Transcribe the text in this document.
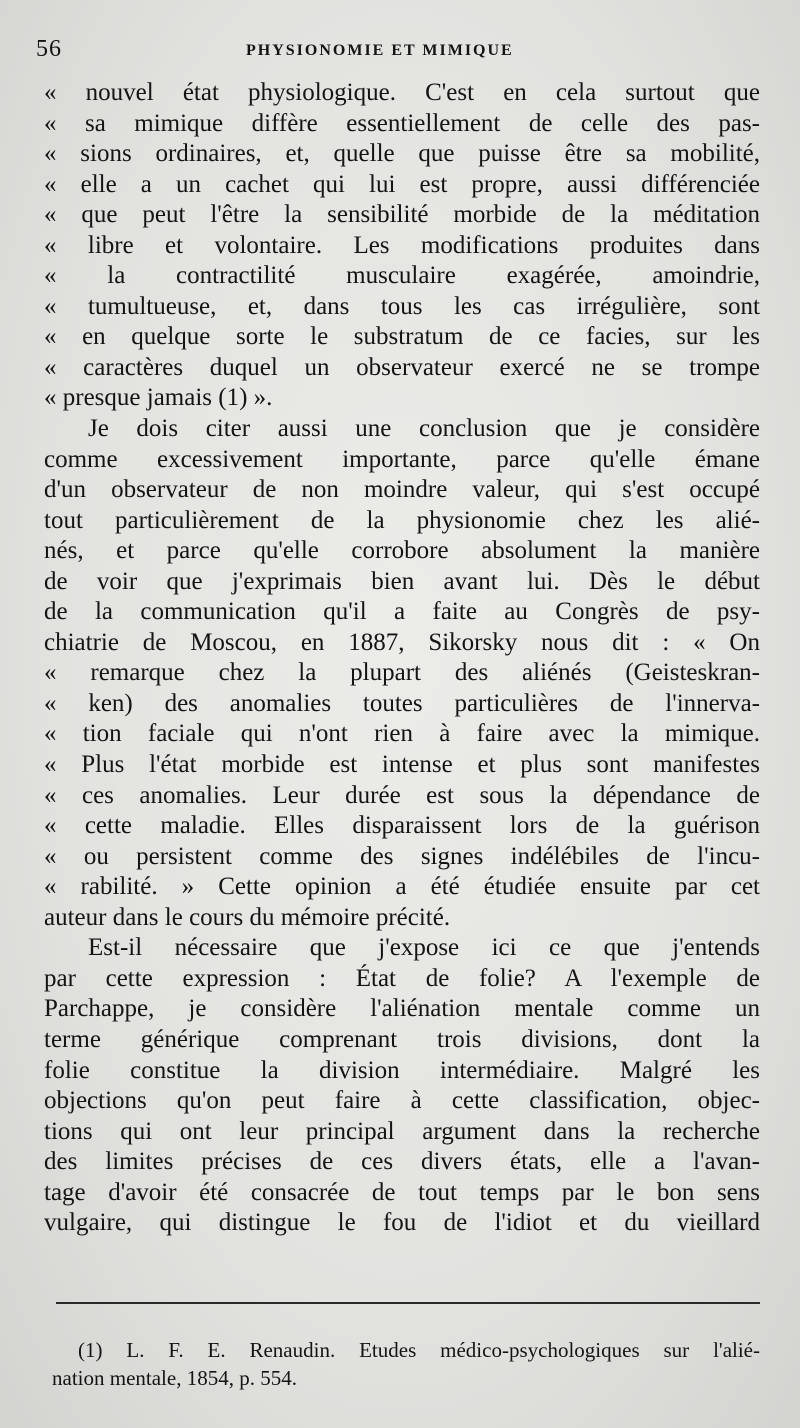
56	PHYSIONOMIE ET MIMIQUE
« nouvel état physiologique. C'est en cela surtout que
« sa mimique diffère essentiellement de celle des pas-
« sions ordinaires, et, quelle que puisse être sa mobilité,
« elle a un cachet qui lui est propre, aussi différenciée
« que peut l'être la sensibilité morbide de la méditation
« libre et volontaire. Les modifications produites dans
« la contractilité musculaire exagérée, amoindrie,
« tumultueuse, et, dans tous les cas irrégulière, sont
« en quelque sorte le substratum de ce facies, sur les
« caractères duquel un observateur exercé ne se trompe
« presque jamais (1) ».
Je dois citer aussi une conclusion que je considère
comme excessivement importante, parce qu'elle émane
d'un observateur de non moindre valeur, qui s'est occupé
tout particulièrement de la physionomie chez les alié-
nés, et parce qu'elle corrobore absolument la manière
de voir que j'exprimais bien avant lui. Dès le début
de la communication qu'il a faite au Congrès de psy-
chiatrie de Moscou, en 1887, Sikorsky nous dit : « On
« remarque chez la plupart des aliénés (Geisteskran-
« ken) des anomalies toutes particulières de l'innerva-
« tion faciale qui n'ont rien à faire avec la mimique.
« Plus l'état morbide est intense et plus sont manifestes
« ces anomalies. Leur durée est sous la dépendance de
« cette maladie. Elles disparaissent lors de la guérison
« ou persistent comme des signes indélébiles de l'incu-
« rabilité. » Cette opinion a été étudiée ensuite par cet
auteur dans le cours du mémoire précité.
Est-il nécessaire que j'expose ici ce que j'entends
par cette expression : État de folie? A l'exemple de
Parchappe, je considère l'aliénation mentale comme un
terme générique comprenant trois divisions, dont la
folie constitue la division intermédiaire. Malgré les
objections qu'on peut faire à cette classification, objec-
tions qui ont leur principal argument dans la recherche
des limites précises de ces divers états, elle a l'avan-
tage d'avoir été consacrée de tout temps par le bon sens
vulgaire, qui distingue le fou de l'idiot et du vieillard
(1) L. F. E. Renaudin. Etudes médico-psychologiques sur l'alié-
nation mentale, 1854, p. 554.
